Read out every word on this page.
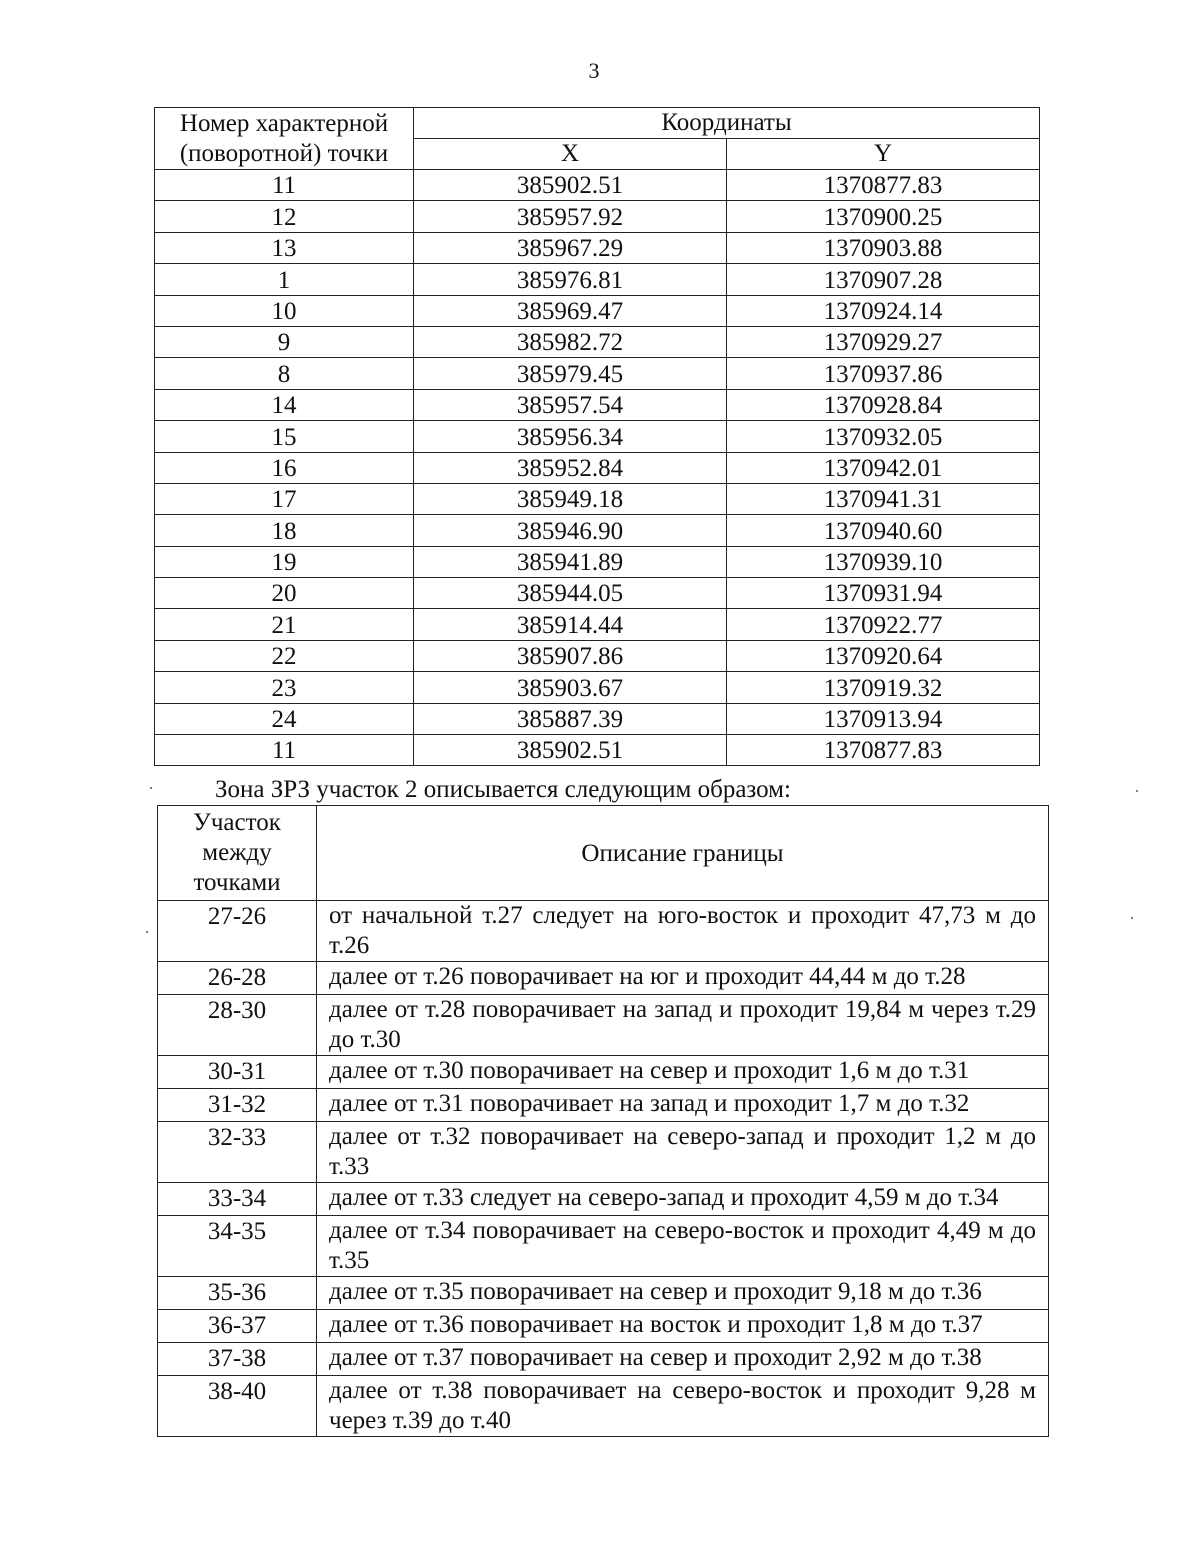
3
Номер характерной (поворотной) точки	Координаты	
	X	Y
11	385902.51	1370877.83
12	385957.92	1370900.25
13	385967.29	1370903.88
1	385976.81	1370907.28
10	385969.47	1370924.14
9	385982.72	1370929.27
8	385979.45	1370937.86
14	385957.54	1370928.84
15	385956.34	1370932.05
16	385952.84	1370942.01
17	385949.18	1370941.31
18	385946.90	1370940.60
19	385941.89	1370939.10
20	385944.05	1370931.94
21	385914.44	1370922.77
22	385907.86	1370920.64
23	385903.67	1370919.32
24	385887.39	1370913.94
11	385902.51	1370877.83
Зона ЗРЗ участок 2 описывается следующим образом:
Участок между точками	Описание границы
27-26	от начальной т.27 следует на юго-восток и проходит 47,73 м до т.26
26-28	далее от т.26 поворачивает на юг и проходит 44,44 м до т.28
28-30	далее от т.28 поворачивает на запад и проходит 19,84 м через т.29 до т.30
30-31	далее от т.30 поворачивает на север и проходит 1,6 м до т.31
31-32	далее от т.31 поворачивает на запад и проходит 1,7 м до т.32
32-33	далее от т.32 поворачивает на северо-запад и проходит 1,2 м до т.33
33-34	далее от т.33 следует на северо-запад и проходит 4,59 м до т.34
34-35	далее от т.34 поворачивает на северо-восток и проходит 4,49 м до т.35
35-36	далее от т.35 поворачивает на север и проходит 9,18 м до т.36
36-37	далее от т.36 поворачивает на восток и проходит 1,8 м до т.37
37-38	далее от т.37 поворачивает на север и проходит 2,92 м до т.38
38-40	далее от т.38 поворачивает на северо-восток и проходит 9,28 м через т.39 до т.40
